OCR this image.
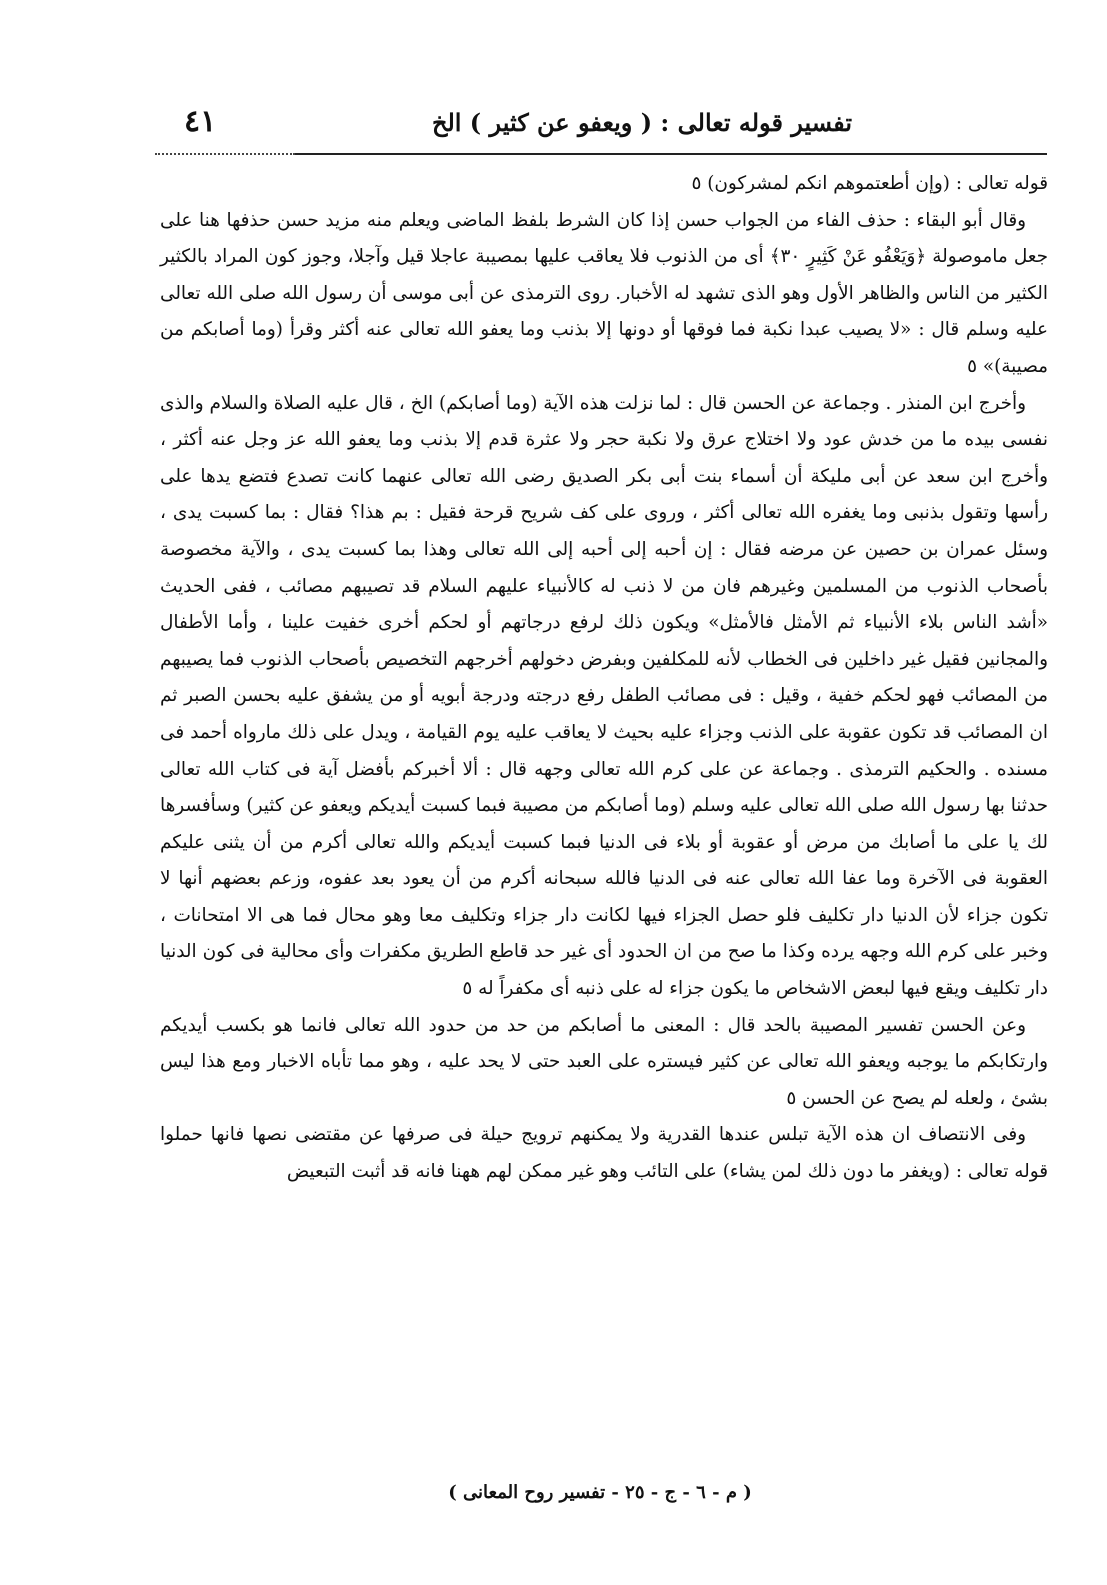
تفسير قوله تعالى : ( ويعفو عن كثير ) الخ
٤١

قوله تعالى : (وإن أطعتموهم انكم لمشركون) ٥

وقال أبو البقاء : حذف الفاء من الجواب حسن إذا كان الشرط بلفظ الماضى ويعلم منه مزيد حسن حذفها هنا على جعل ماموصولة ﴿وَيَعْفُو عَنْ كَثِيرٍ ٣٠﴾ أى من الذنوب فلا يعاقب عليها بمصيبة عاجلا قيل وآجلا، وجوز كون المراد بالكثير الكثير من الناس والظاهر الأول وهو الذى تشهد له الأخبار. روى الترمذى عن أبى موسى أن رسول الله صلى الله تعالى عليه وسلم قال : «لا يصيب عبدا نكبة فما فوقها أو دونها إلا بذنب وما يعفو الله تعالى عنه أكثر وقرأ (وما أصابكم من مصيبة)» ٥

وأخرج ابن المنذر . وجماعة عن الحسن قال : لما نزلت هذه الآية (وما أصابكم) الخ ، قال عليه الصلاة والسلام والذى نفسى بيده ما من خدش عود ولا اختلاج عرق ولا نكبة حجر ولا عثرة قدم إلا بذنب وما يعفو الله عز وجل عنه أكثر ، وأخرج ابن سعد عن أبى مليكة أن أسماء بنت أبى بكر الصديق رضى الله تعالى عنهما كانت تصدع فتضع يدها على رأسها وتقول بذنبى وما يغفره الله تعالى أكثر ، وروى على كف شريح قرحة فقيل : بم هذا؟ فقال : بما كسبت يدى ، وسئل عمران بن حصين عن مرضه فقال : إن أحبه إلى أحبه إلى الله تعالى وهذا بما كسبت يدى ، والآية مخصوصة بأصحاب الذنوب من المسلمين وغيرهم فان من لا ذنب له كالأنبياء عليهم السلام قد تصيبهم مصائب ، ففى الحديث «أشد الناس بلاء الأنبياء ثم الأمثل فالأمثل» ويكون ذلك لرفع درجاتهم أو لحكم أخرى خفيت علينا ، وأما الأطفال والمجانين فقيل غير داخلين فى الخطاب لأنه للمكلفين وبفرض دخولهم أخرجهم التخصيص بأصحاب الذنوب فما يصيبهم من المصائب فهو لحكم خفية ، وقيل : فى مصائب الطفل رفع درجته ودرجة أبويه أو من يشفق عليه بحسن الصبر ثم ان المصائب قد تكون عقوبة على الذنب وجزاء عليه بحيث لا يعاقب عليه يوم القيامة ، ويدل على ذلك مارواه أحمد فى مسنده . والحكيم الترمذى . وجماعة عن على كرم الله تعالى وجهه قال : ألا أخبركم بأفضل آية فى كتاب الله تعالى حدثنا بها رسول الله صلى الله تعالى عليه وسلم (وما أصابكم من مصيبة فبما كسبت أيديكم ويعفو عن كثير) وسأفسرها لك يا على ما أصابك من مرض أو عقوبة أو بلاء فى الدنيا فبما كسبت أيديكم والله تعالى أكرم من أن يثنى عليكم العقوبة فى الآخرة وما عفا الله تعالى عنه فى الدنيا فالله سبحانه أكرم من أن يعود بعد عفوه، وزعم بعضهم أنها لا تكون جزاء لأن الدنيا دار تكليف فلو حصل الجزاء فيها لكانت دار جزاء وتكليف معا وهو محال فما هى الا امتحانات ، وخبر على كرم الله وجهه يرده وكذا ما صح من ان الحدود أى غير حد قاطع الطريق مكفرات وأى محالية فى كون الدنيا دار تكليف ويقع فيها لبعض الاشخاص ما يكون جزاء له على ذنبه أى مكفراً له ٥

وعن الحسن تفسير المصيبة بالحد قال : المعنى ما أصابكم من حد من حدود الله تعالى فانما هو بكسب أيديكم وارتكابكم ما يوجبه ويعفو الله تعالى عن كثير فيستره على العبد حتى لا يحد عليه ، وهو مما تأباه الاخبار ومع هذا ليس بشئ ، ولعله لم يصح عن الحسن ٥

وفى الانتصاف ان هذه الآية تبلس عندها القدرية ولا يمكنهم ترويج حيلة فى صرفها عن مقتضى نصها فانها حملوا قوله تعالى : (ويغفر ما دون ذلك لمن يشاء) على التائب وهو غير ممكن لهم ههنا فانه قد أثبت التبعيض

( م - ٦ - ج - ٢٥ - تفسير روح المعانى )
